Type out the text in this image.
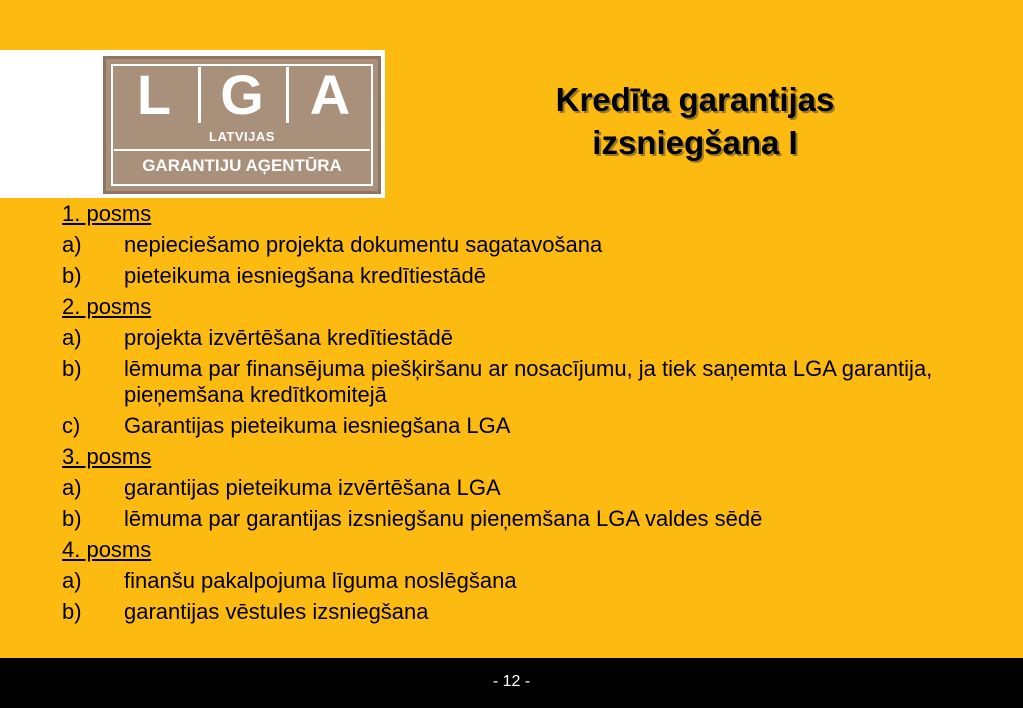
L G A
LATVIJAS
GARANTIJU AĢENTŪRA
Kredīta garantijas
izsniegšana I
1. posms
a) nepieciešamo projekta dokumentu sagatavošana
b) pieteikuma iesniegšana kredītiestādē
2. posms
a) projekta izvērtēšana kredītiestādē
b) lēmuma par finansējuma piešķiršanu ar nosacījumu, ja tiek saņemta LGA garantija, pieņemšana kredītkomitejā
c) Garantijas pieteikuma iesniegšana LGA
3. posms
a) garantijas pieteikuma izvērtēšana LGA
b) lēmuma par garantijas izsniegšanu pieņemšana LGA valdes sēdē
4. posms
a) finanšu pakalpojuma līguma noslēgšana
b) garantijas vēstules izsniegšana
- 12 -
